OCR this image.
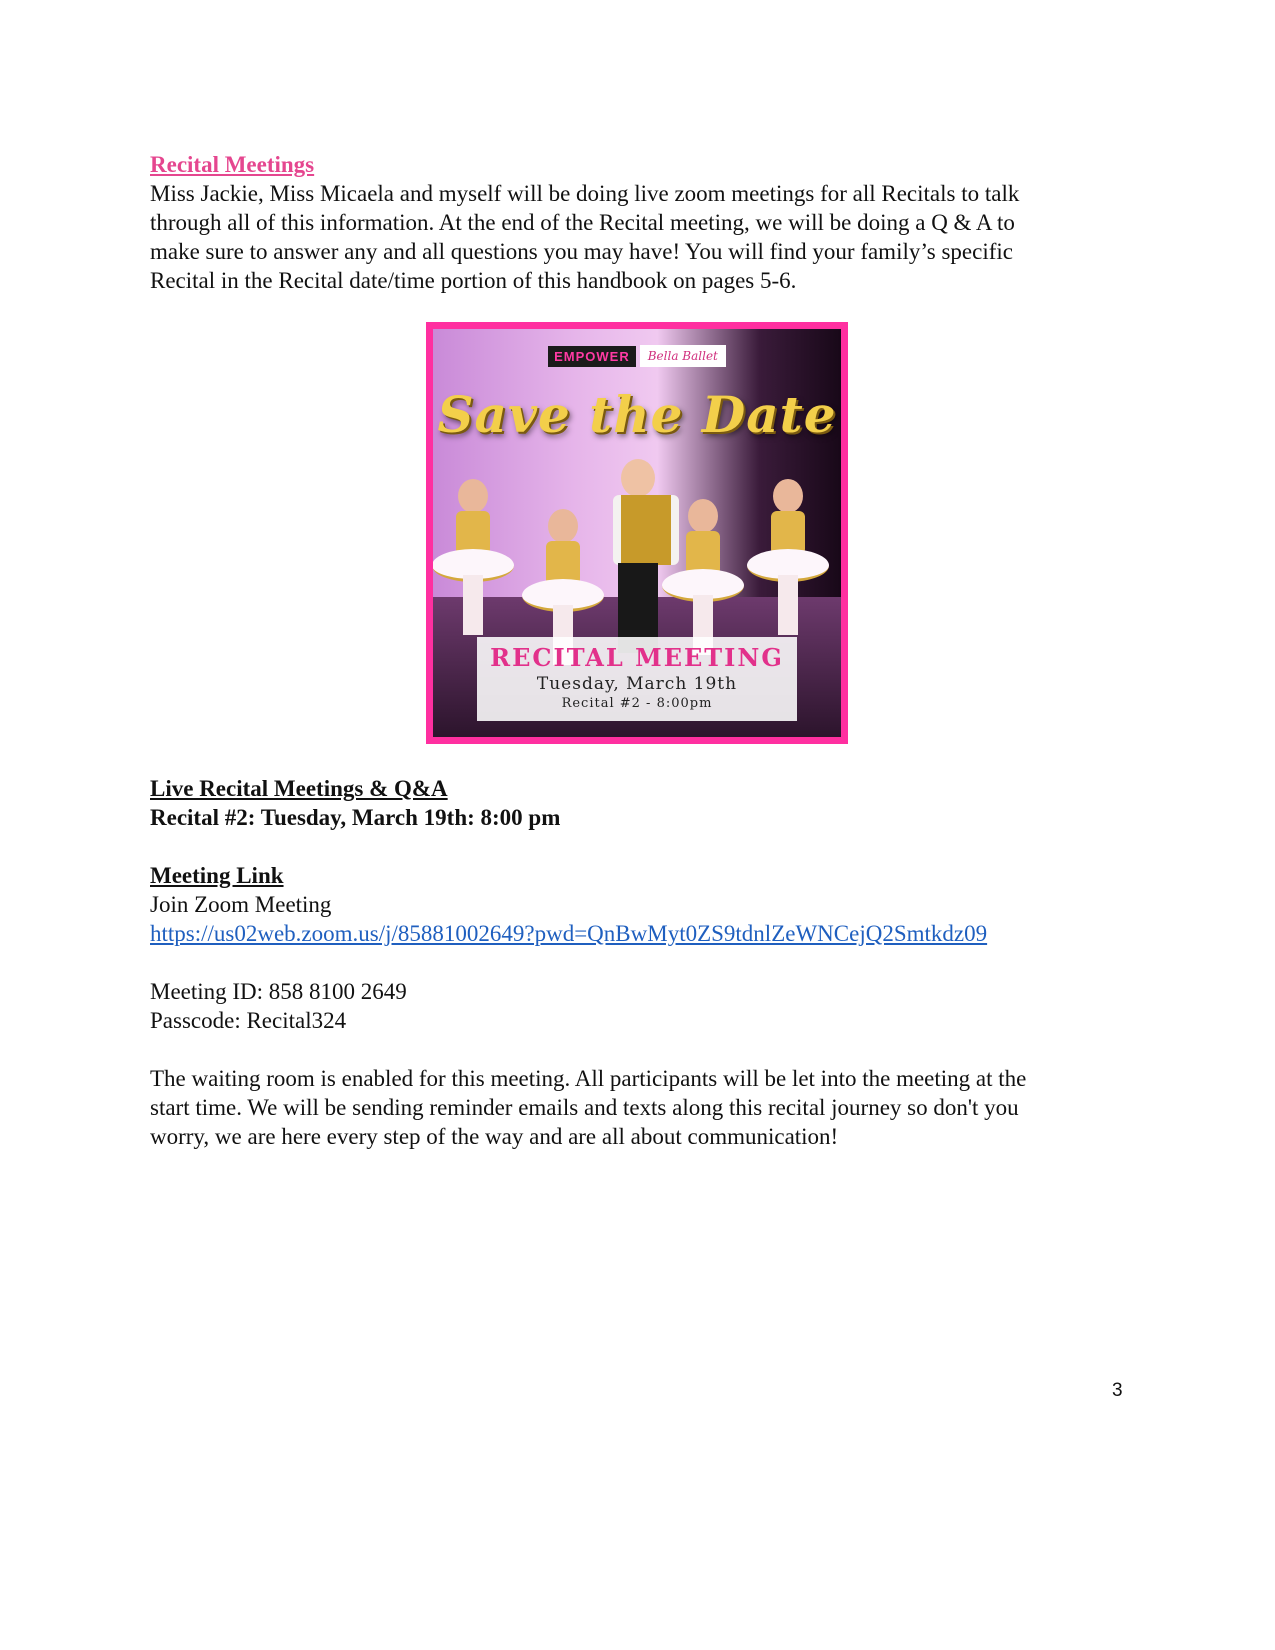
Recital Meetings
Miss Jackie, Miss Micaela and myself will be doing live zoom meetings for all Recitals to talk
through all of this information. At the end of the Recital meeting, we will be doing a Q & A to
make sure to answer any and all questions you may have! You will find your family’s specific
Recital in the Recital date/time portion of this handbook on pages 5-6.
EMPOWER Bella Ballet
Save the Date
RECITAL MEETING
Tuesday, March 19th
Recital #2 - 8:00pm
Live Recital Meetings & Q&A
Recital #2: Tuesday, March 19th: 8:00 pm
Meeting Link
Join Zoom Meeting
https://us02web.zoom.us/j/85881002649?pwd=QnBwMyt0ZS9tdnlZeWNCejQ2Smtkdz09
Meeting ID: 858 8100 2649
Passcode: Recital324
The waiting room is enabled for this meeting. All participants will be let into the meeting at the
start time. We will be sending reminder emails and texts along this recital journey so don't you
worry, we are here every step of the way and are all about communication!
3
